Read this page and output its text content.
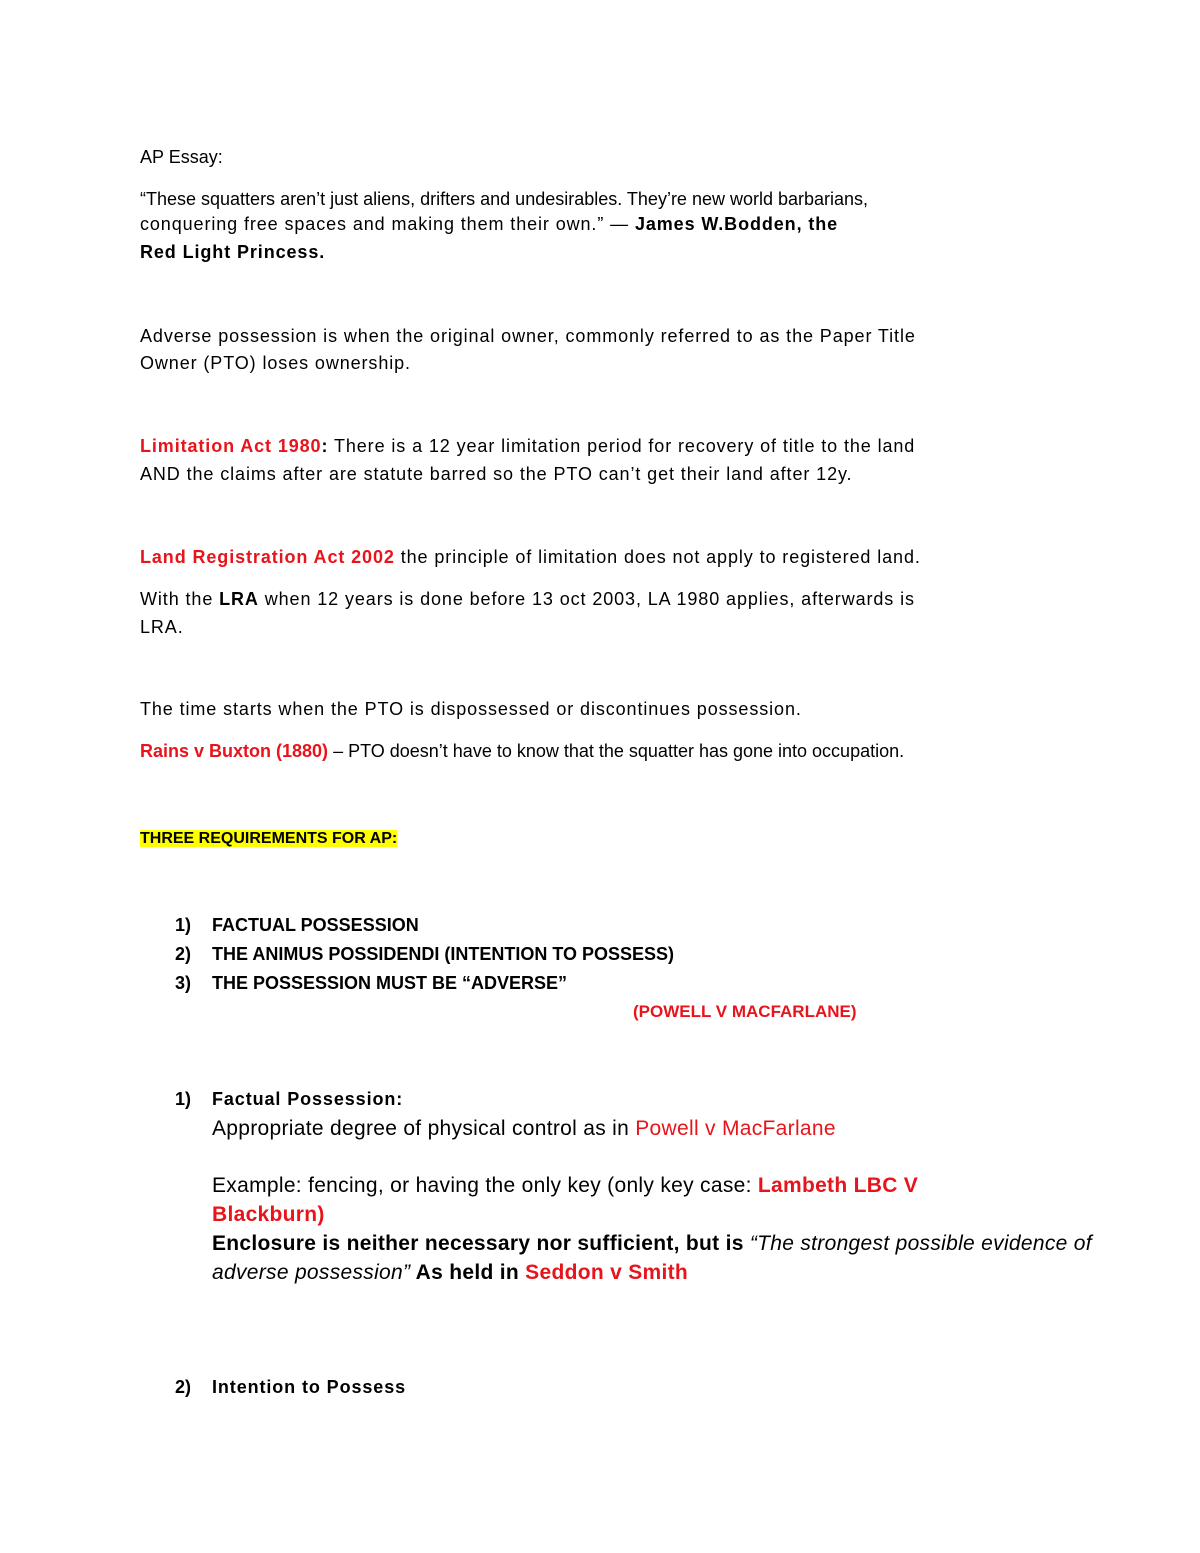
AP Essay:
“These squatters aren’t just aliens, drifters and undesirables. They’re new world barbarians,
conquering free spaces and making them their own.” — James W.Bodden, the
Red Light Princess.
Adverse possession is when the original owner, commonly referred to as the Paper Title
Owner (PTO) loses ownership.
Limitation Act 1980: There is a 12 year limitation period for recovery of title to the land
AND the claims after are statute barred so the PTO can’t get their land after 12y.
Land Registration Act 2002 the principle of limitation does not apply to registered land.
With the LRA when 12 years is done before 13 oct 2003, LA 1980 applies, afterwards is
LRA.
The time starts when the PTO is dispossessed or discontinues possession.
Rains v Buxton (1880) – PTO doesn’t have to know that the squatter has gone into occupation.
THREE REQUIREMENTS FOR AP:
1) FACTUAL POSSESSION
2) THE ANIMUS POSSIDENDI (INTENTION TO POSSESS)
3) THE POSSESSION MUST BE “ADVERSE”
(POWELL V MACFARLANE)
1) Factual Possession:
Appropriate degree of physical control as in Powell v MacFarlane
Example: fencing, or having the only key (only key case: Lambeth LBC V
Blackburn)
Enclosure is neither necessary nor sufficient, but is “The strongest possible evidence of
adverse possession” As held in Seddon v Smith
2) Intention to Possess
